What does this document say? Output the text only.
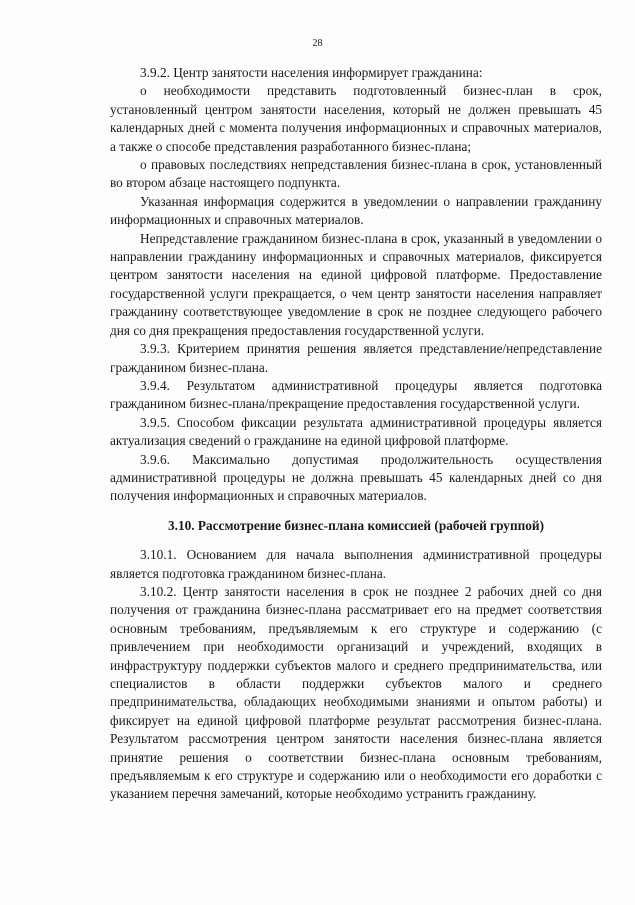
28

3.9.2. Центр занятости населения информирует гражданина:

о необходимости представить подготовленный бизнес-план в срок, установленный центром занятости населения, который не должен превышать 45 календарных дней с момента получения информационных и справочных материалов, а также о способе представления разработанного бизнес-плана;

о правовых последствиях непредставления бизнес-плана в срок, установленный во втором абзаце настоящего подпункта.

Указанная информация содержится в уведомлении о направлении гражданину информационных и справочных материалов.

Непредставление гражданином бизнес-плана в срок, указанный в уведомлении о направлении гражданину информационных и справочных материалов, фиксируется центром занятости населения на единой цифровой платформе. Предоставление государственной услуги прекращается, о чем центр занятости населения направляет гражданину соответствующее уведомление в срок не позднее следующего рабочего дня со дня прекращения предоставления государственной услуги.

3.9.3. Критерием принятия решения является представление/непредставление гражданином бизнес-плана.

3.9.4. Результатом административной процедуры является подготовка гражданином бизнес-плана/прекращение предоставления государственной услуги.

3.9.5. Способом фиксации результата административной процедуры является актуализация сведений о гражданине на единой цифровой платформе.

3.9.6. Максимально допустимая продолжительность осуществления административной процедуры не должна превышать 45 календарных дней со дня получения информационных и справочных материалов.

3.10. Рассмотрение бизнес-плана комиссией (рабочей группой)

3.10.1. Основанием для начала выполнения административной процедуры является подготовка гражданином бизнес-плана.

3.10.2. Центр занятости населения в срок не позднее 2 рабочих дней со дня получения от гражданина бизнес-плана рассматривает его на предмет соответствия основным требованиям, предъявляемым к его структуре и содержанию (с привлечением при необходимости организаций и учреждений, входящих в инфраструктуру поддержки субъектов малого и среднего предпринимательства, или специалистов в области поддержки субъектов малого и среднего предпринимательства, обладающих необходимыми знаниями и опытом работы) и фиксирует на единой цифровой платформе результат рассмотрения бизнес-плана. Результатом рассмотрения центром занятости населения бизнес-плана является принятие решения о соответствии бизнес-плана основным требованиям, предъявляемым к его структуре и содержанию или о необходимости его доработки с указанием перечня замечаний, которые необходимо устранить гражданину.
